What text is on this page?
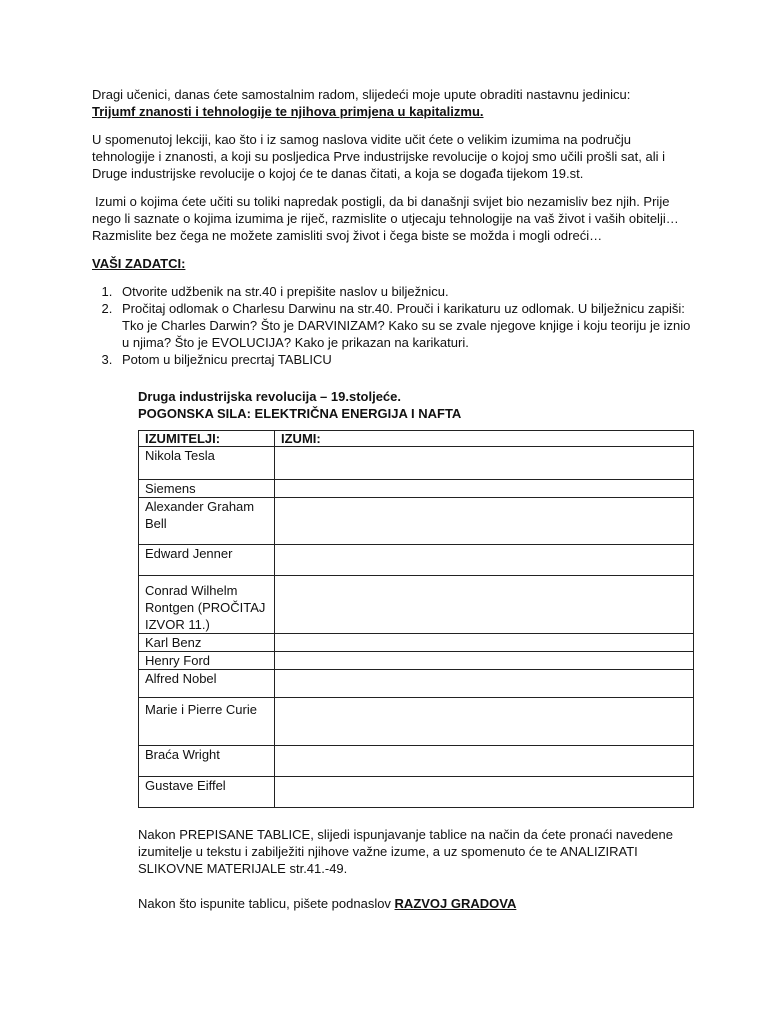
Dragi učenici, danas ćete samostalnim radom, slijedeći moje upute obraditi nastavnu jedinicu:

Trijumf znanosti i tehnologije te njihova primjena u kapitalizmu.

U spomenutoj lekciji, kao što i iz samog naslova vidite učit ćete o velikim izumima na području tehnologije i znanosti, a koji su posljedica Prve industrijske revolucije o kojoj smo učili prošli sat, ali i Druge industrijske revolucije o kojoj će te danas čitati, a koja se događa tijekom 19.st.

Izumi o kojima ćete učiti su toliki napredak postigli, da bi današnji svijet bio nezamisliv bez njih. Prije nego li saznate o kojima izumima je riječ, razmislite o utjecaju tehnologije na vaš život i vaših obitelji… Razmislite bez čega ne možete zamisliti svoj život i čega biste se možda i mogli odreći…

VAŠI ZADATCI:

1. Otvorite udžbenik na str.40 i prepišite naslov u bilježnicu.
2. Pročitaj odlomak o Charlesu Darwinu na str.40. Prouči i karikaturu uz odlomak. U bilježnicu zapiši: Tko je Charles Darwin? Što je DARVINIZAM? Kako su se zvale njegove knjige i koju teoriju je iznio u njima? Što je EVOLUCIJA? Kako je prikazan na karikaturi.
3. Potom u bilježnicu precrtaj TABLICU

Druga industrijska revolucija – 19.stoljeće.

POGONSKA SILA: ELEKTRIČNA ENERGIJA I NAFTA

IZUMITELJI:	IZUMI:
Nikola Tesla	
Siemens	
Alexander Graham Bell	
Edward Jenner	
Conrad Wilhelm Rontgen (PROČITAJ IZVOR 11.)	
Karl Benz	
Henry Ford	
Alfred Nobel	
Marie i Pierre Curie	
Braća Wright	
Gustave Eiffel	

Nakon PREPISANE TABLICE, slijedi ispunjavanje tablice na način da ćete pronaći navedene izumitelje u tekstu i zabilježiti njihove važne izume, a uz spomenuto će te ANALIZIRATI SLIKOVNE MATERIJALE str.41.-49.

Nakon što ispunite tablicu, pišete podnaslov RAZVOJ GRADOVA
